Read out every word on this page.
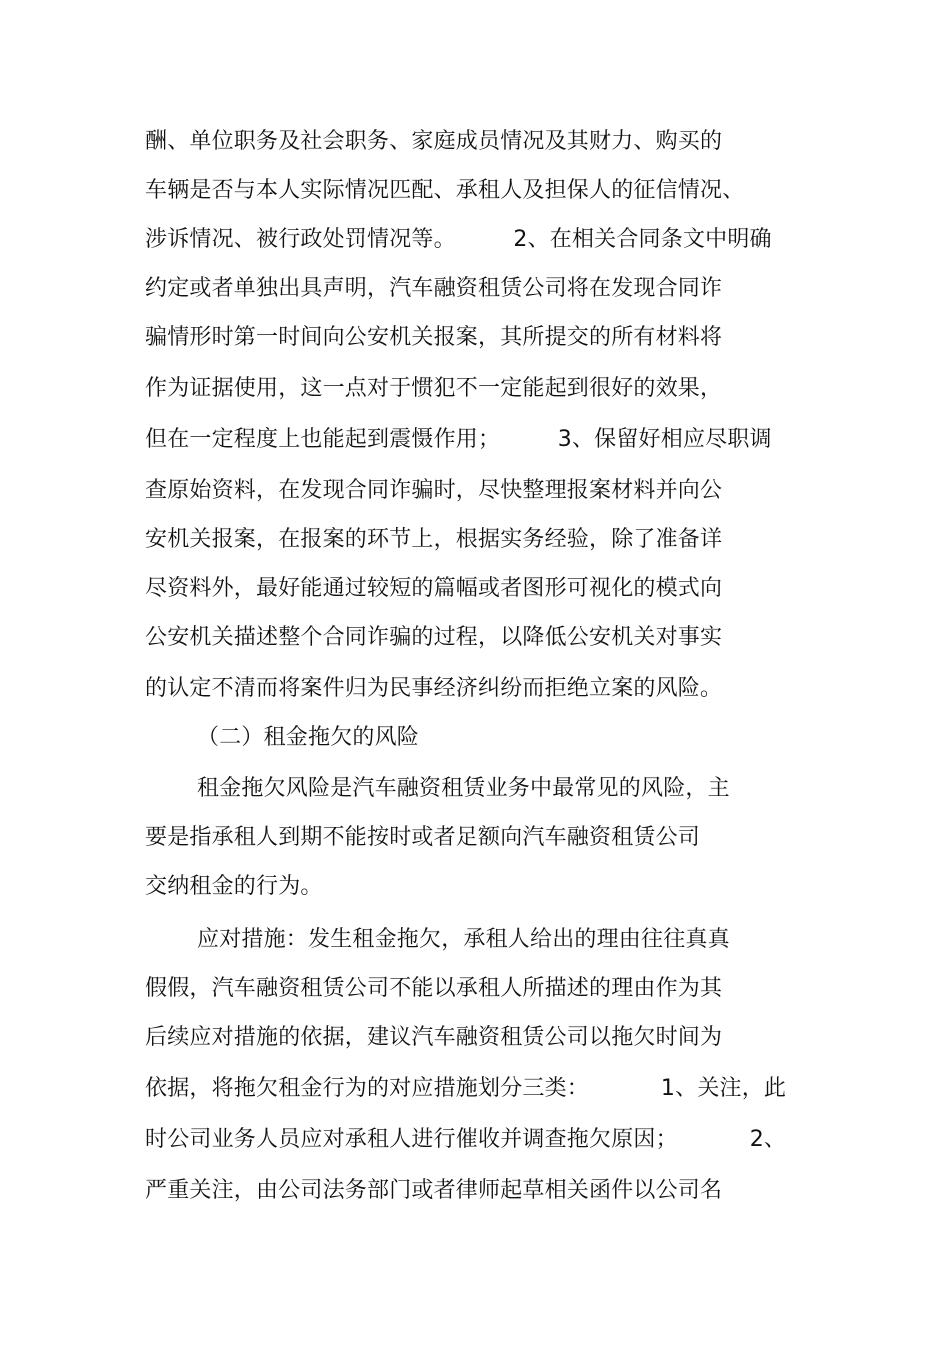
酬、单位职务及社会职务、家庭成员情况及其财力、购买的
车辆是否与本人实际情况匹配、承租人及担保人的征信情况、
涉诉情况、被行政处罚情况等。        2、在相关合同条文中明确
约定或者单独出具声明，汽车融资租赁公司将在发现合同诈
骗情形时第一时间向公安机关报案，其所提交的所有材料将
作为证据使用，这一点对于惯犯不一定能起到很好的效果，
但在一定程度上也能起到震慑作用；        3、保留好相应尽职调
查原始资料，在发现合同诈骗时，尽快整理报案材料并向公
安机关报案，在报案的环节上，根据实务经验，除了准备详
尽资料外，最好能通过较短的篇幅或者图形可视化的模式向
公安机关描述整个合同诈骗的过程，以降低公安机关对事实
的认定不清而将案件归为民事经济纠纷而拒绝立案的风险。
（二）租金拖欠的风险
租金拖欠风险是汽车融资租赁业务中最常见的风险，主
要是指承租人到期不能按时或者足额向汽车融资租赁公司
交纳租金的行为。
应对措施：发生租金拖欠，承租人给出的理由往往真真
假假，汽车融资租赁公司不能以承租人所描述的理由作为其
后续应对措施的依据，建议汽车融资租赁公司以拖欠时间为
依据，将拖欠租金行为的对应措施划分三类：          1、关注，此
时公司业务人员应对承租人进行催收并调查拖欠原因；          2、
严重关注，由公司法务部门或者律师起草相关函件以公司名
